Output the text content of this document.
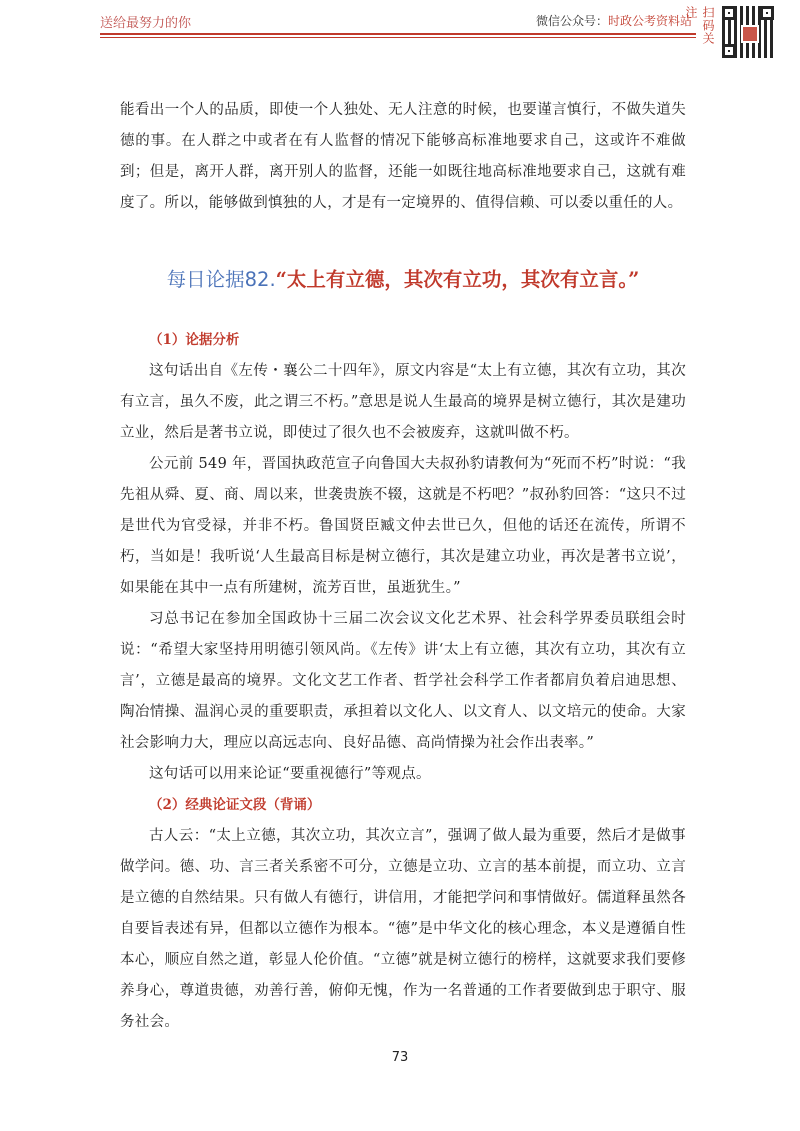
送给最努力的你	微信公众号：时政公考资料站 扫码关注

能看出一个人的品质，即使一个人独处、无人注意的时候，也要谨言慎行，不做失道失德的事。在人群之中或者在有人监督的情况下能够高标准地要求自己，这或许不难做到；但是，离开人群，离开别人的监督，还能一如既往地高标准地要求自己，这就有难度了。所以，能够做到慎独的人，才是有一定境界的、值得信赖、可以委以重任的人。

每日论据82.“太上有立德，其次有立功，其次有立言。”
（1）论据分析

这句话出自《左传・襄公二十四年》，原文内容是“太上有立德，其次有立功，其次有立言，虽久不废，此之谓三不朽。”意思是说人生最高的境界是树立德行，其次是建功立业，然后是著书立说，即使过了很久也不会被废弃，这就叫做不朽。

公元前 549 年，晋国执政范宣子向鲁国大夫叔孙豹请教何为“死而不朽”时说：“我先祖从舜、夏、商、周以来，世袭贵族不辍，这就是不朽吧？”叔孙豹回答：“这只不过是世代为官受禄，并非不朽。鲁国贤臣臧文仲去世已久，但他的话还在流传，所谓不朽，当如是！我听说‘人生最高目标是树立德行，其次是建立功业，再次是著书立说’，如果能在其中一点有所建树，流芳百世，虽逝犹生。”

习总书记在参加全国政协十三届二次会议文化艺术界、社会科学界委员联组会时说：“希望大家坚持用明德引领风尚。《左传》讲‘太上有立德，其次有立功，其次有立言’，立德是最高的境界。文化文艺工作者、哲学社会科学工作者都肩负着启迪思想、陶冶情操、温润心灵的重要职责，承担着以文化人、以文育人、以文培元的使命。大家社会影响力大，理应以高远志向、良好品德、高尚情操为社会作出表率。”

这句话可以用来论证“要重视德行”等观点。

（2）经典论证文段（背诵）

古人云：“太上立德，其次立功，其次立言”，强调了做人最为重要，然后才是做事做学问。德、功、言三者关系密不可分，立德是立功、立言的基本前提，而立功、立言是立德的自然结果。只有做人有德行，讲信用，才能把学问和事情做好。儒道释虽然各自要旨表述有异，但都以立德作为根本。“德”是中华文化的核心理念，本义是遵循自性本心，顺应自然之道，彰显人伦价值。“立德”就是树立德行的榜样，这就要求我们要修养身心，尊道贵德，劝善行善，俯仰无愧，作为一名普通的工作者要做到忠于职守、服务社会。

73
